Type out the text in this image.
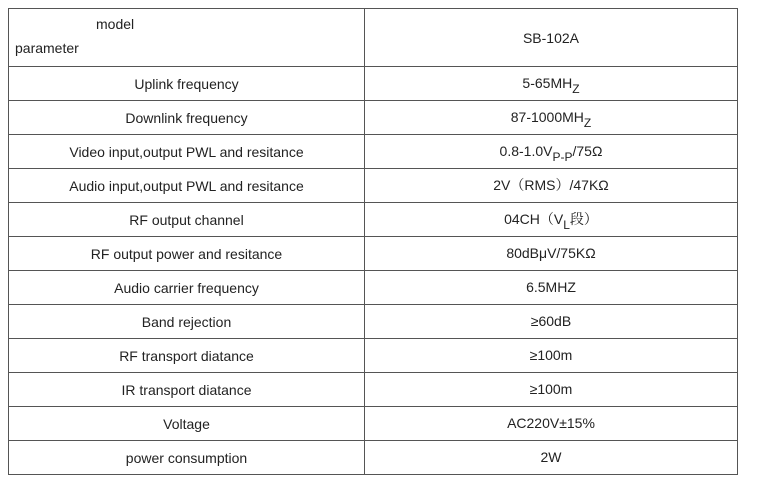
model
parameter	SB-102A
Uplink frequency	5-65MHZ
Downlink frequency	87-1000MHZ
Video input,output PWL and resitance	0.8-1.0VP-P/75Ω
Audio input,output PWL and resitance	2V（RMS）/47KΩ
RF output channel	04CH（VL段）
RF output power and resitance	80dBμV/75KΩ
Audio carrier frequency	6.5MHZ
Band rejection	≥60dB
RF transport diatance	≥100m
IR transport diatance	≥100m
Voltage	AC220V±15%
power consumption	2W
